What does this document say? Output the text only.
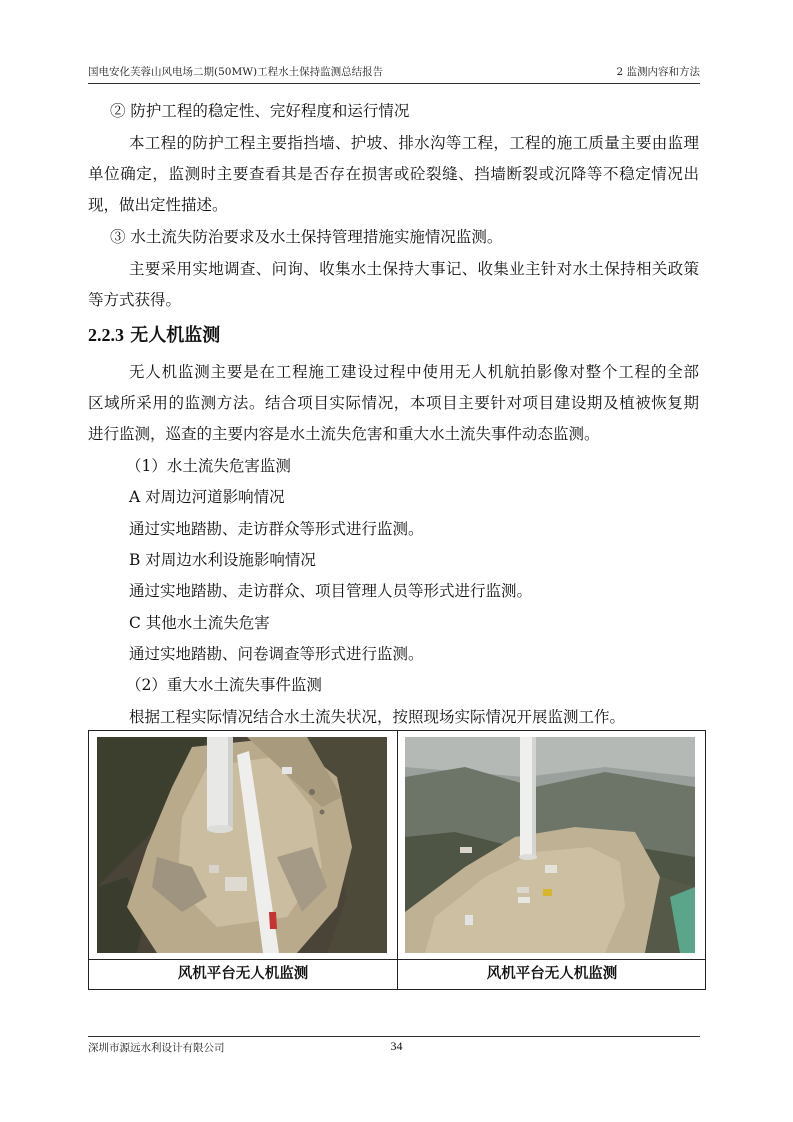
国电安化芙蓉山风电场二期(50MW)工程水土保持监测总结报告	2 监测内容和方法
② 防护工程的稳定性、完好程度和运行情况
本工程的防护工程主要指挡墙、护坡、排水沟等工程，工程的施工质量主要由监理
单位确定，监测时主要查看其是否存在损害或砼裂缝、挡墙断裂或沉降等不稳定情况出
现，做出定性描述。
③ 水土流失防治要求及水土保持管理措施实施情况监测。
主要采用实地调查、问询、收集水土保持大事记、收集业主针对水土保持相关政策
等方式获得。
2.2.3 无人机监测
无人机监测主要是在工程施工建设过程中使用无人机航拍影像对整个工程的全部
区域所采用的监测方法。结合项目实际情况，本项目主要针对项目建设期及植被恢复期
进行监测，巡查的主要内容是水土流失危害和重大水土流失事件动态监测。
（1）水土流失危害监测
A 对周边河道影响情况
通过实地踏勘、走访群众等形式进行监测。
B 对周边水利设施影响情况
通过实地踏勘、走访群众、项目管理人员等形式进行监测。
C 其他水土流失危害
通过实地踏勘、问卷调查等形式进行监测。
（2）重大水土流失事件监测
根据工程实际情况结合水土流失状况，按照现场实际情况开展监测工作。
风机平台无人机监测	风机平台无人机监测
深圳市源远水利设计有限公司	34
